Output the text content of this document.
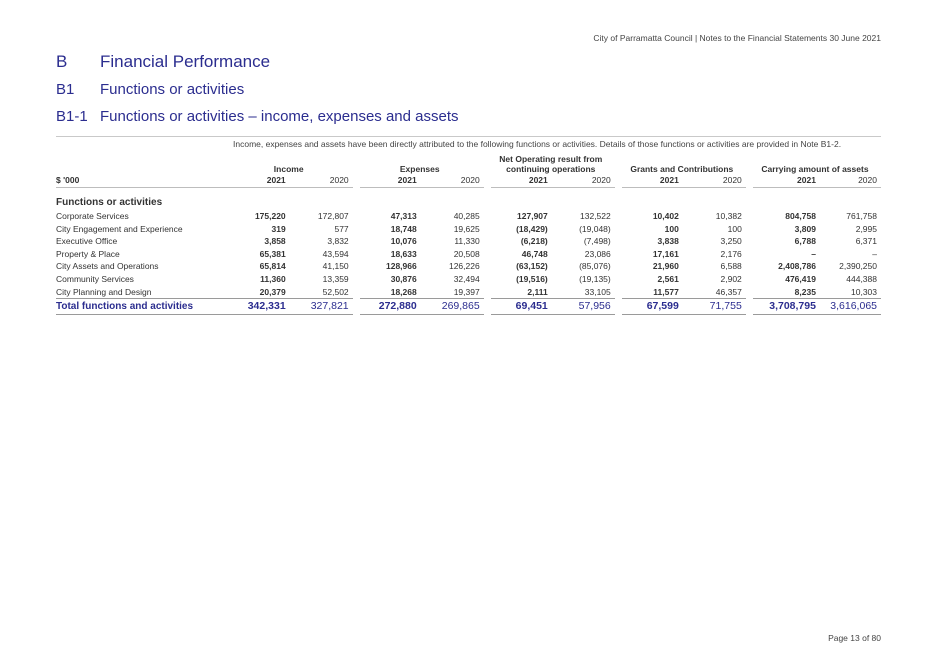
City of Parramatta Council | Notes to the Financial Statements 30 June 2021
B Financial Performance
B1 Functions or activities
B1-1 Functions or activities – income, expenses and assets
Income, expenses and assets have been directly attributed to the following functions or activities. Details of those functions or activities are provided in Note B1-2.
							Net Operating result from							
	Income			Expenses			continuing operations			Grants and Contributions			Carrying amount of assets	
$ '000	2021	2020		2021	2020		2021	2020		2021	2020		2021	2020
Functions or activities														
Corporate Services	175,220	172,807		47,313	40,285		127,907	132,522		10,402	10,382		804,758	761,758
City Engagement and Experience	319	577		18,748	19,625		(18,429)	(19,048)		100	100		3,809	2,995
Executive Office	3,858	3,832		10,076	11,330		(6,218)	(7,498)		3,838	3,250		6,788	6,371
Property & Place	65,381	43,594		18,633	20,508		46,748	23,086		17,161	2,176		–	–
City Assets and Operations	65,814	41,150		128,966	126,226		(63,152)	(85,076)		21,960	6,588		2,408,786	2,390,250
Community Services	11,360	13,359		30,876	32,494		(19,516)	(19,135)		2,561	2,902		476,419	444,388
City Planning and Design	20,379	52,502		18,268	19,397		2,111	33,105		11,577	46,357		8,235	10,303
Total functions and activities	342,331	327,821		272,880	269,865		69,451	57,956		67,599	71,755		3,708,795	3,616,065
Page 13 of 80
